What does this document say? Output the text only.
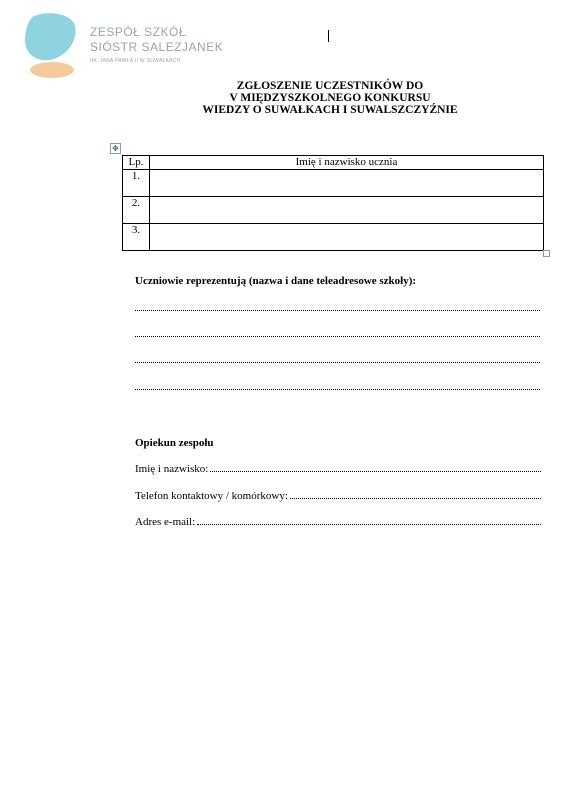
ZESPÓŁ SZKÓŁ
SIÓSTR SALEZJANEK
IM. JANA PAWŁA II W SUWAŁKACH
ZGŁOSZENIE UCZESTNIKÓW DO
V MIĘDZYSZKOLNEGO KONKURSU
WIEDZY O SUWAŁKACH I SUWALSZCZYŹNIE
✥
Lp.	Imię i nazwisko ucznia
1.	
2.	
3.	
Uczniowie reprezentują (nazwa i dane teleadresowe szkoły):
Opiekun zespołu
Imię i nazwisko:
Telefon kontaktowy / komórkowy:
Adres e-mail:
